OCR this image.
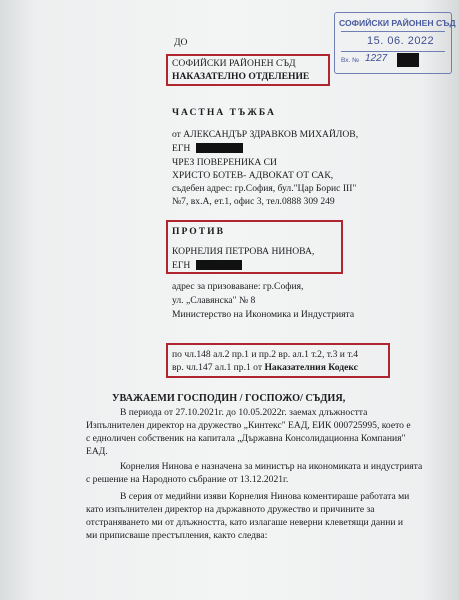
СОФИЙСКИ РАЙОНЕН СЪД
15. 06. 2022
Вх. № 1227
ДО
СОФИЙСКИ РАЙОНЕН СЪД
НАКАЗАТЕЛНО ОТДЕЛЕНИЕ
ЧАСТНА ТЪЖБА
от АЛЕКСАНДЪР ЗДРАВКОВ МИХАЙЛОВ,
ЕГН
ЧРЕЗ ПОВЕРЕНИКА СИ
ХРИСТО БОТЕВ- АДВОКАТ ОТ САК,
съдебен адрес: гр.София, бул."Цар Борис III"
№7, вх.А, ет.1, офис 3, тел.0888 309 249
ПРОТИВ
КОРНЕЛИЯ ПЕТРОВА НИНОВА,
ЕГН
адрес за призоваване: гр.София,
ул. „Славянска" № 8
Министерство на Икономика и Индустрията
по чл.148 ал.2 пр.1 и пр.2 вр. ал.1 т.2, т.3 и т.4
вр. чл.147 ал.1 пр.1 от Наказателния Кодекс
УВАЖАЕМИ ГОСПОДИН / ГОСПОЖО/ СЪДИЯ,
В периода от 27.10.2021г. до 10.05.2022г. заемах длъжността
Изпълнителен директор на дружество „Кинтекс" ЕАД, ЕИК 000725995, което е
с едноличен собственик на капитала „Държавна Консолидационна Компания"
ЕАД.
Корнелия Нинова е назначена за министър на икономиката и индустрията
с решение на Народното събрание от 13.12.2021г.
В серия от медийни изяви Корнелия Нинова коментираше работата ми
като изпълнителен директор на държавното дружество и причините за
отстраняването ми от длъжността, като излагаше неверни клеветящи данни и
ми приписваше престъпления, както следва:
